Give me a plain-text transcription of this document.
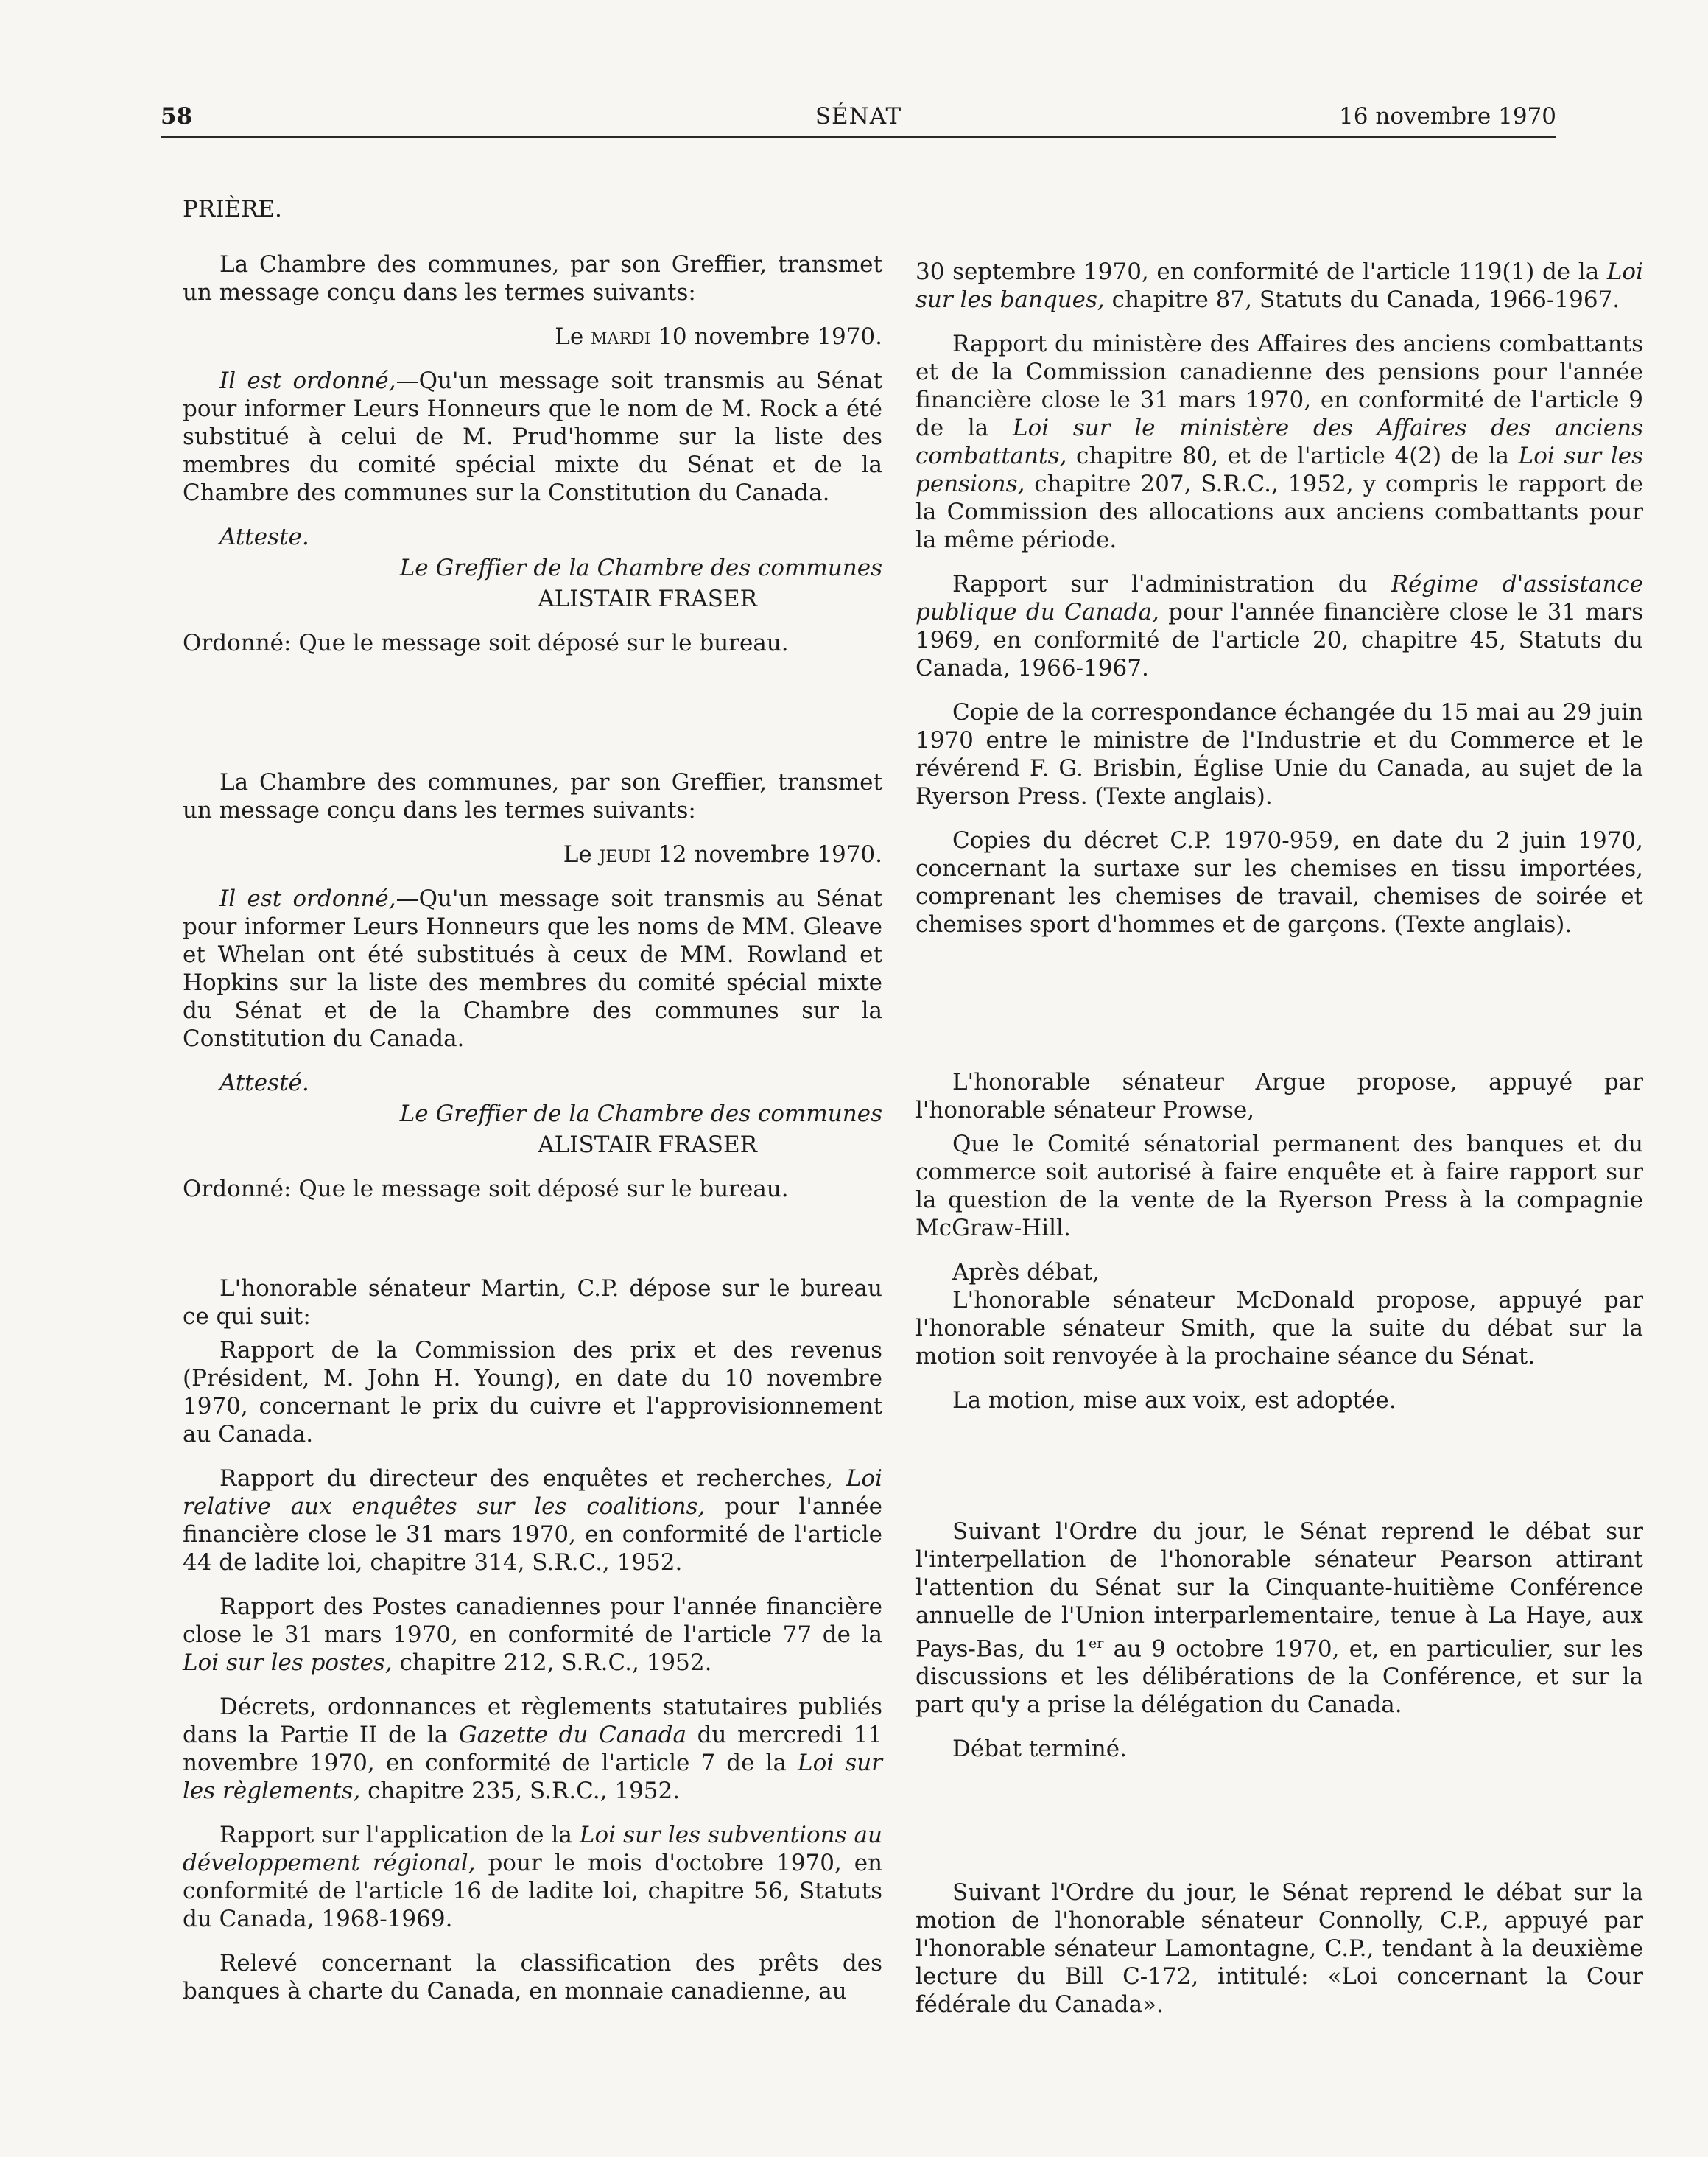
58	SÉNAT	16 novembre 1970

PRIÈRE.

La Chambre des communes, par son Greffier, transmet un message conçu dans les termes suivants:

Le mardi 10 novembre 1970.

Il est ordonné,—Qu'un message soit transmis au Sénat pour informer Leurs Honneurs que le nom de M. Rock a été substitué à celui de M. Prud'homme sur la liste des membres du comité spécial mixte du Sénat et de la Chambre des communes sur la Constitution du Canada.

Atteste.

Le Greffier de la Chambre des communes

ALISTAIR FRASER

Ordonné: Que le message soit déposé sur le bureau.

La Chambre des communes, par son Greffier, transmet un message conçu dans les termes suivants:

Le jeudi 12 novembre 1970.

Il est ordonné,—Qu'un message soit transmis au Sénat pour informer Leurs Honneurs que les noms de MM. Gleave et Whelan ont été substitués à ceux de MM. Rowland et Hopkins sur la liste des membres du comité spécial mixte du Sénat et de la Chambre des communes sur la Constitution du Canada.

Attesté.

Le Greffier de la Chambre des communes

ALISTAIR FRASER

Ordonné: Que le message soit déposé sur le bureau.

L'honorable sénateur Martin, C.P. dépose sur le bureau ce qui suit:

Rapport de la Commission des prix et des revenus (Président, M. John H. Young), en date du 10 novembre 1970, concernant le prix du cuivre et l'approvisionnement au Canada.

Rapport du directeur des enquêtes et recherches, Loi relative aux enquêtes sur les coalitions, pour l'année financière close le 31 mars 1970, en conformité de l'article 44 de ladite loi, chapitre 314, S.R.C., 1952.

Rapport des Postes canadiennes pour l'année financière close le 31 mars 1970, en conformité de l'article 77 de la Loi sur les postes, chapitre 212, S.R.C., 1952.

Décrets, ordonnances et règlements statutaires publiés dans la Partie II de la Gazette du Canada du mercredi 11 novembre 1970, en conformité de l'article 7 de la Loi sur les règlements, chapitre 235, S.R.C., 1952.

Rapport sur l'application de la Loi sur les subventions au développement régional, pour le mois d'octobre 1970, en conformité de l'article 16 de ladite loi, chapitre 56, Statuts du Canada, 1968-1969.

Relevé concernant la classification des prêts des banques à charte du Canada, en monnaie canadienne, au

30 septembre 1970, en conformité de l'article 119(1) de la Loi sur les banques, chapitre 87, Statuts du Canada, 1966-1967.

Rapport du ministère des Affaires des anciens combattants et de la Commission canadienne des pensions pour l'année financière close le 31 mars 1970, en conformité de l'article 9 de la Loi sur le ministère des Affaires des anciens combattants, chapitre 80, et de l'article 4(2) de la Loi sur les pensions, chapitre 207, S.R.C., 1952, y compris le rapport de la Commission des allocations aux anciens combattants pour la même période.

Rapport sur l'administration du Régime d'assistance publique du Canada, pour l'année financière close le 31 mars 1969, en conformité de l'article 20, chapitre 45, Statuts du Canada, 1966-1967.

Copie de la correspondance échangée du 15 mai au 29 juin 1970 entre le ministre de l'Industrie et du Commerce et le révérend F. G. Brisbin, Église Unie du Canada, au sujet de la Ryerson Press. (Texte anglais).

Copies du décret C.P. 1970-959, en date du 2 juin 1970, concernant la surtaxe sur les chemises en tissu importées, comprenant les chemises de travail, chemises de soirée et chemises sport d'hommes et de garçons. (Texte anglais).

L'honorable sénateur Argue propose, appuyé par l'honorable sénateur Prowse,

Que le Comité sénatorial permanent des banques et du commerce soit autorisé à faire enquête et à faire rapport sur la question de la vente de la Ryerson Press à la compagnie McGraw-Hill.

Après débat,

L'honorable sénateur McDonald propose, appuyé par l'honorable sénateur Smith, que la suite du débat sur la motion soit renvoyée à la prochaine séance du Sénat.

La motion, mise aux voix, est adoptée.

Suivant l'Ordre du jour, le Sénat reprend le débat sur l'interpellation de l'honorable sénateur Pearson attirant l'attention du Sénat sur la Cinquante-huitième Conférence annuelle de l'Union interparlementaire, tenue à La Haye, aux Pays-Bas, du 1er au 9 octobre 1970, et, en particulier, sur les discussions et les délibérations de la Conférence, et sur la part qu'y a prise la délégation du Canada.

Débat terminé.

Suivant l'Ordre du jour, le Sénat reprend le débat sur la motion de l'honorable sénateur Connolly, C.P., appuyé par l'honorable sénateur Lamontagne, C.P., tendant à la deuxième lecture du Bill C-172, intitulé: «Loi concernant la Cour fédérale du Canada».
